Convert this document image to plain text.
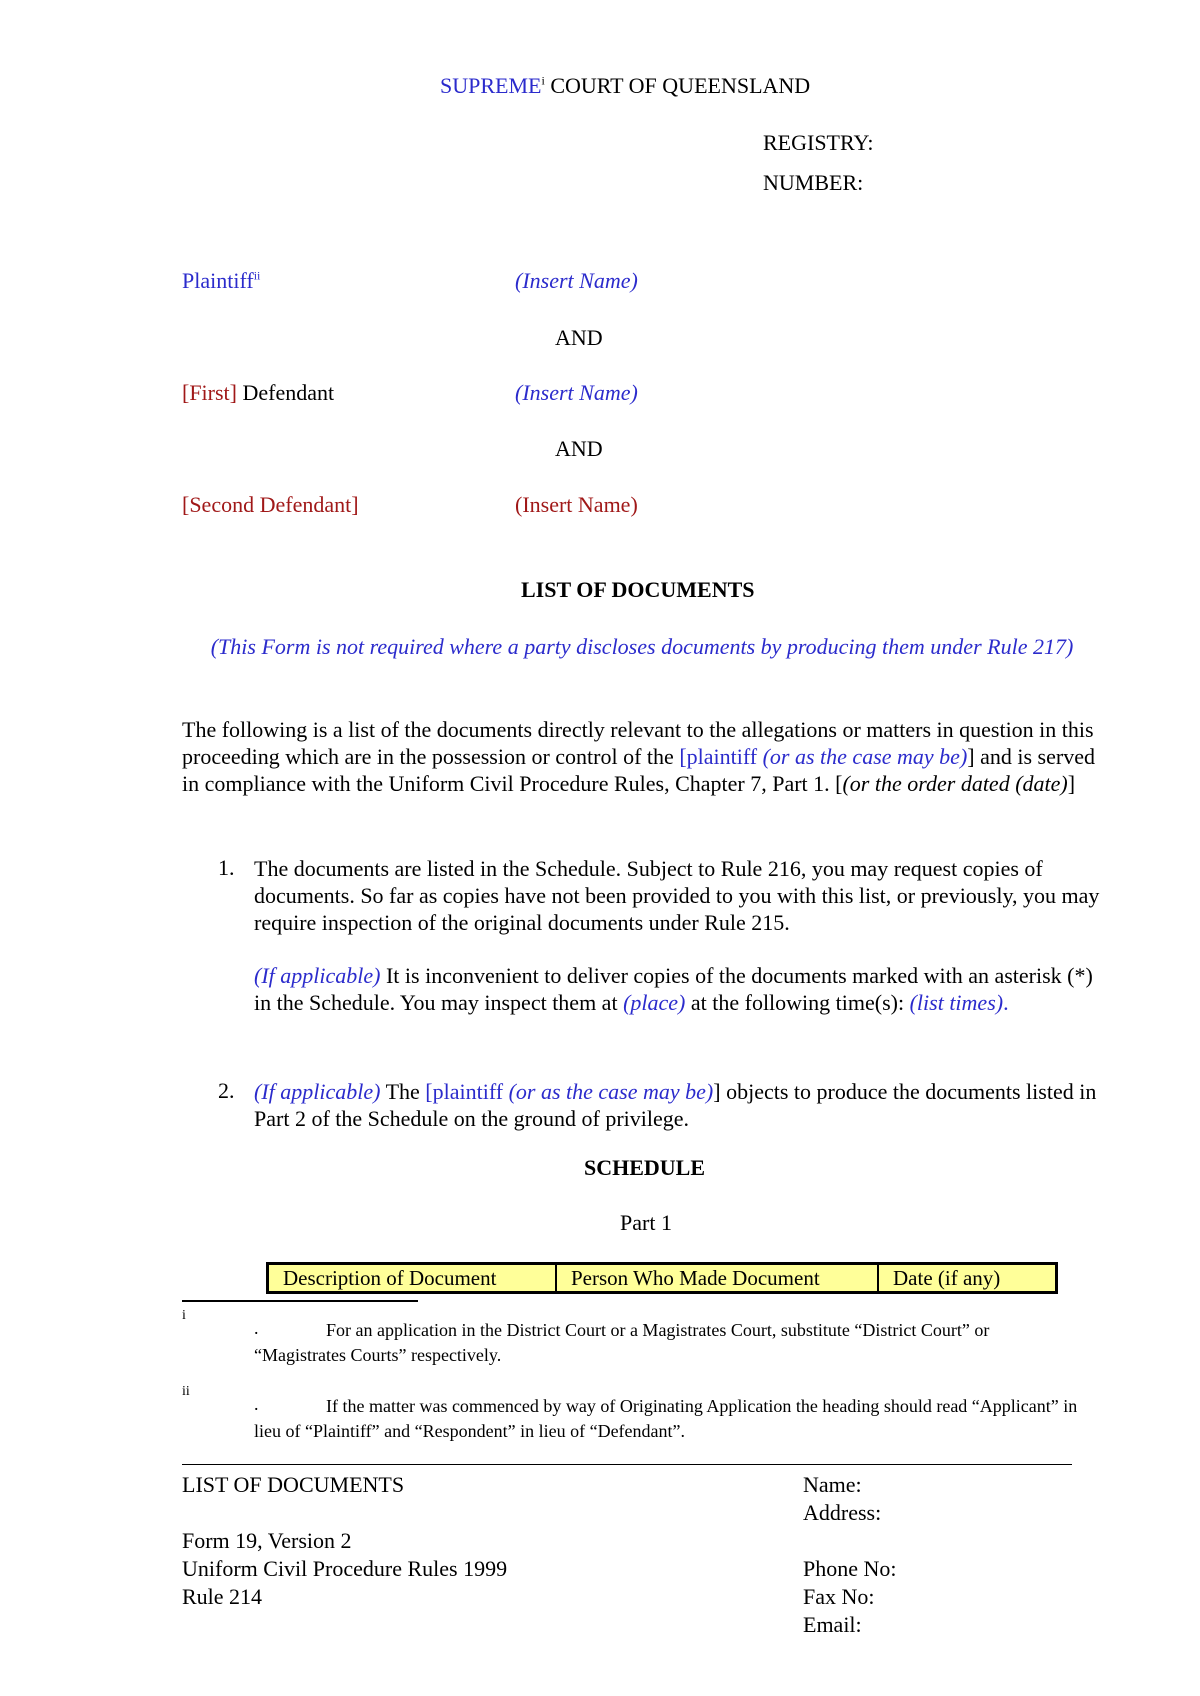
SUPREME$^i$ COURT OF QUEENSLAND
REGISTRY:
NUMBER:
Plaintiff$^{ii}$	(Insert Name)
AND
[First] Defendant	(Insert Name)
AND
[Second Defendant]	(Insert Name)
LIST OF DOCUMENTS
(This Form is not required where a party discloses documents by producing them under Rule 217)
The following is a list of the documents directly relevant to the allegations or matters in question in this proceeding which are in the possession or control of the [plaintiff (or as the case may be)] and is served in compliance with the Uniform Civil Procedure Rules, Chapter 7, Part 1. [(or the order dated (date)]
1. The documents are listed in the Schedule. Subject to Rule 216, you may request copies of documents. So far as copies have not been provided to you with this list, or previously, you may require inspection of the original documents under Rule 215.
(If applicable) It is inconvenient to deliver copies of the documents marked with an asterisk (*) in the Schedule. You may inspect them at (place) at the following time(s): (list times).
2. (If applicable) The [plaintiff (or as the case may be)] objects to produce the documents listed in Part 2 of the Schedule on the ground of privilege.
SCHEDULE
Part 1
Description of Document	Person Who Made Document	Date (if any)
i
.	For an application in the District Court or a Magistrates Court, substitute “District Court” or “Magistrates Courts” respectively.
ii
.	If the matter was commenced by way of Originating Application the heading should read “Applicant” in lieu of “Plaintiff” and “Respondent” in lieu of “Defendant”.
LIST OF DOCUMENTS
Form 19, Version 2
Uniform Civil Procedure Rules 1999
Rule 214
Name:
Address:
Phone No:
Fax No:
Email:
